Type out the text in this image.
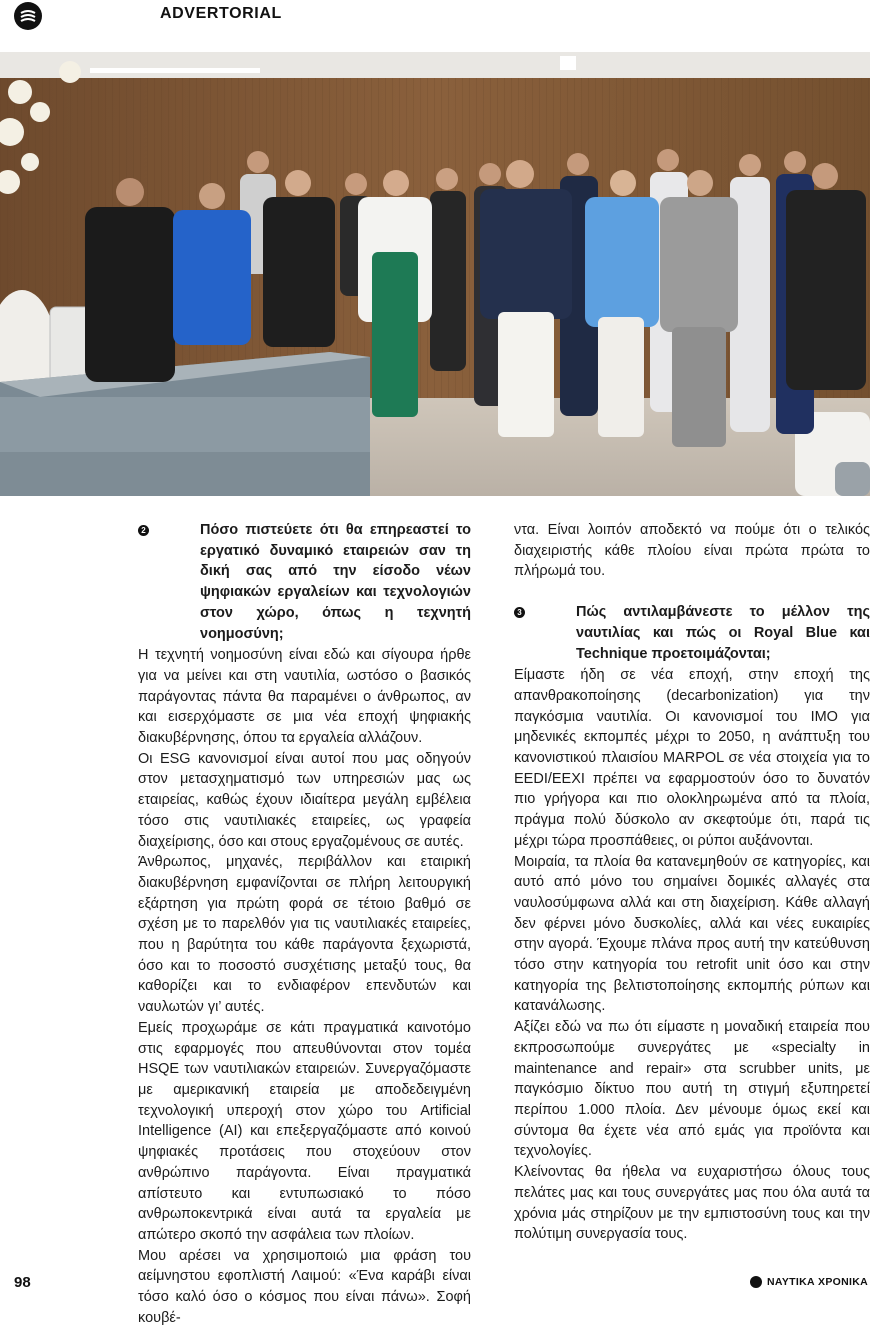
ADVERTORIAL

2	Πόσο πιστεύετε ότι θα επηρεαστεί το εργατικό δυναμικό εταιρειών σαν τη δική σας από την είσοδο νέων ψηφιακών εργαλείων και τεχνολογιών στον χώρο, όπως η τεχνητή νοημοσύνη;

Η τεχνητή νοημοσύνη είναι εδώ και σίγουρα ήρθε για να μείνει και στη ναυτιλία, ωστόσο ο βασικός παράγοντας πάντα θα παραμένει ο άνθρωπος, αν και εισερχόμαστε σε μια νέα εποχή ψηφιακής διακυβέρνησης, όπου τα εργαλεία αλλάζουν.

Οι ESG κανονισμοί είναι αυτοί που μας οδηγούν στον μετασχηματισμό των υπηρεσιών μας ως εταιρείας, καθώς έχουν ιδιαίτερα μεγάλη εμβέλεια τόσο στις ναυτιλιακές εταιρείες, ως γραφεία διαχείρισης, όσο και στους εργαζομένους σε αυτές.

Άνθρωπος, μηχανές, περιβάλλον και εταιρική διακυβέρνηση εμφανίζονται σε πλήρη λειτουργική εξάρτηση για πρώτη φορά σε τέτοιο βαθμό σε σχέση με το παρελθόν για τις ναυτιλιακές εταιρείες, που η βαρύτητα του κάθε παράγοντα ξεχωριστά, όσο και το ποσοστό συσχέτισης μεταξύ τους, θα καθορίζει και το ενδιαφέρον επενδυτών και ναυλωτών γι’ αυτές.

Εμείς προχωράμε σε κάτι πραγματικά καινοτόμο στις εφαρμογές που απευθύνονται στον τομέα HSQE των ναυτιλιακών εταιρειών. Συνεργαζόμαστε με αμερικανική εταιρεία με αποδεδειγμένη τεχνολογική υπεροχή στον χώρο του Artificial Intelligence (AI) και επεξεργαζόμαστε από κοινού ψηφιακές προτάσεις που στοχεύουν στον ανθρώπινο παράγοντα. Είναι πραγματικά απίστευτο και εντυπωσιακό το πόσο ανθρωποκεντρικά είναι αυτά τα εργαλεία με απώτερο σκοπό την ασφάλεια των πλοίων.

Μου αρέσει να χρησιμοποιώ μια φράση του αείμνηστου εφοπλιστή Λαιμού: «Ένα καράβι είναι τόσο καλό όσο ο κόσμος που είναι πάνω». Σοφή κουβέ-

ντα. Είναι λοιπόν αποδεκτό να πούμε ότι ο τελικός διαχειριστής κάθε πλοίου είναι πρώτα πρώτα το πλήρωμά του.

3	Πώς αντιλαμβάνεστε το μέλλον της ναυτιλίας και πώς οι Royal Blue και Technique προετοιμάζονται;

Είμαστε ήδη σε νέα εποχή, στην εποχή της απανθρακοποίησης (decarbonization) για την παγκόσμια ναυτιλία. Οι κανονισμοί του IMO για μηδενικές εκπομπές μέχρι το 2050, η ανάπτυξη του κανονιστικού πλαισίου MARPOL σε νέα στοιχεία για το EEDI/EEXI πρέπει να εφαρμοστούν όσο το δυνατόν πιο γρήγορα και πιο ολοκληρωμένα από τα πλοία, πράγμα πολύ δύσκολο αν σκεφτούμε ότι, παρά τις μέχρι τώρα προσπάθειες, οι ρύποι αυξάνονται.

Μοιραία, τα πλοία θα κατανεμηθούν σε κατηγορίες, και αυτό από μόνο του σημαίνει δομικές αλλαγές στα ναυλοσύμφωνα αλλά και στη διαχείριση. Κάθε αλλαγή δεν φέρνει μόνο δυσκολίες, αλλά και νέες ευκαιρίες στην αγορά. Έχουμε πλάνα προς αυτή την κατεύθυνση τόσο στην κατηγορία του retrofit unit όσο και στην κατηγορία της βελτιστοποίησης εκπομπής ρύπων και κατανάλωσης.

Αξίζει εδώ να πω ότι είμαστε η μοναδική εταιρεία που εκπροσωπούμε συνεργάτες με «specialty in maintenance and repair» στα scrubber units, με παγκόσμιο δίκτυο που αυτή τη στιγμή εξυπηρετεί περίπου 1.000 πλοία. Δεν μένουμε όμως εκεί και σύντομα θα έχετε νέα από εμάς για προϊόντα και τεχνολογίες.

Κλείνοντας θα ήθελα να ευχαριστήσω όλους τους πελάτες μας και τους συνεργάτες μας που όλα αυτά τα χρόνια μάς στηρίζουν με την εμπιστοσύνη τους και την πολύτιμη συνεργασία τους.

98	ΝΑΥΤΙΚΑ ΧΡΟΝΙΚΑ
